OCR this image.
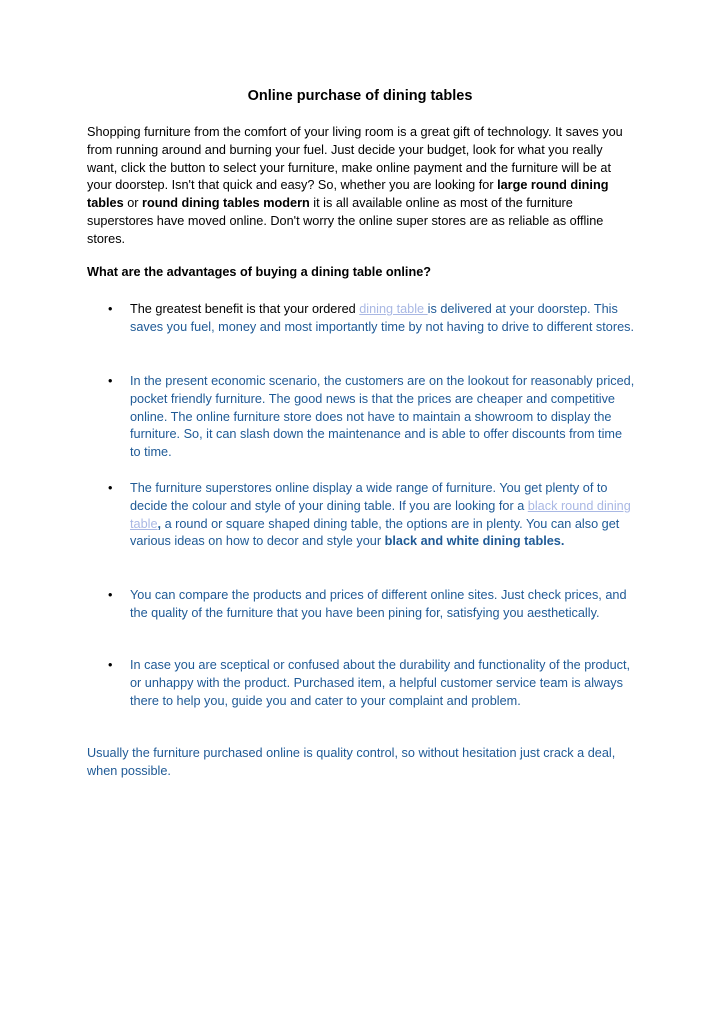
Online purchase of dining tables

Shopping furniture from the comfort of your living room is a great gift of technology. It saves you from running around and burning your fuel. Just decide your budget, look for what you really want, click the button to select your furniture, make online payment and the furniture will be at your doorstep. Isn't that quick and easy? So, whether you are looking for large round dining tables or round dining tables modern it is all available online as most of the furniture superstores have moved online. Don't worry the online super stores are as reliable as offline stores.

What are the advantages of buying a dining table online?

• The greatest benefit is that your ordered dining table is delivered at your doorstep. This saves you fuel, money and most importantly time by not having to drive to different stores.

• In the present economic scenario, the customers are on the lookout for reasonably priced, pocket friendly furniture. The good news is that the prices are cheaper and competitive online. The online furniture store does not have to maintain a showroom to display the furniture. So, it can slash down the maintenance and is able to offer discounts from time to time.

• The furniture superstores online display a wide range of furniture. You get plenty of to decide the colour and style of your dining table. If you are looking for a black round dining table, a round or square shaped dining table, the options are in plenty. You can also get various ideas on how to decor and style your black and white dining tables.

• You can compare the products and prices of different online sites. Just check prices, and the quality of the furniture that you have been pining for, satisfying you aesthetically.

• In case you are sceptical or confused about the durability and functionality of the product, or unhappy with the product. Purchased item, a helpful customer service team is always there to help you, guide you and cater to your complaint and problem.

Usually the furniture purchased online is quality control, so without hesitation just crack a deal, when possible.
